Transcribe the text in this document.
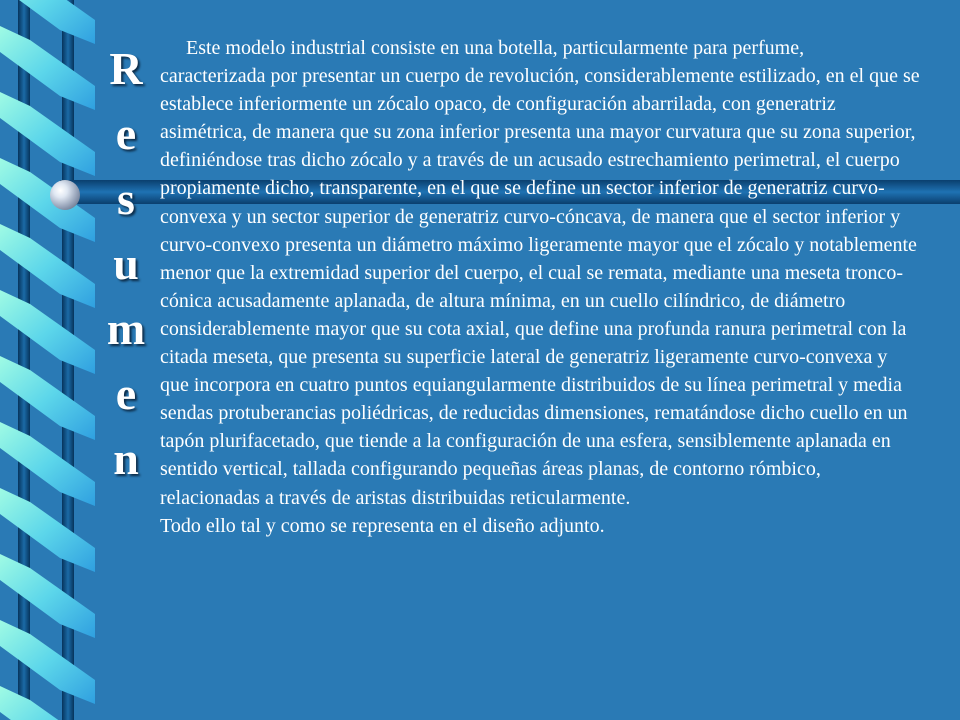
R
e
s
u
m
e
n

Este modelo industrial consiste en una botella, particularmente para perfume,       caracterizada por presentar un cuerpo de revolución, considerablemente estilizado, en el que se establece inferiormente un zócalo opaco, de configuración abarrilada, con generatriz asimétrica, de manera que su zona inferior presenta una mayor curvatura que su zona superior, definiéndose tras dicho zócalo y a través de un acusado estrechamiento perimetral, el cuerpo propiamente dicho, transparente, en el que se define un sector inferior de generatriz curvo-convexa y un sector superior de generatriz curvo-cóncava, de manera que el sector inferior y curvo-convexo presenta un diámetro máximo ligeramente mayor que el zócalo y notablemente menor que la extremidad superior del cuerpo, el cual se remata, mediante una meseta tronco-cónica acusadamente aplanada, de altura mínima, en un cuello cilíndrico, de diámetro considerablemente mayor que su cota axial, que define una profunda ranura perimetral con la citada meseta, que presenta su superficie lateral de generatriz ligeramente curvo-convexa y que incorpora en cuatro puntos equiangularmente distribuidos de su línea perimetral y media sendas protuberancias poliédricas, de reducidas dimensiones, rematándose dicho cuello en un tapón plurifacetado, que tiende a la configuración de una esfera, sensiblemente aplanada en sentido vertical, tallada configurando pequeñas áreas planas, de contorno rómbico, relacionadas a través de aristas distribuidas reticularmente.

Todo ello tal y como se representa en el diseño adjunto.
